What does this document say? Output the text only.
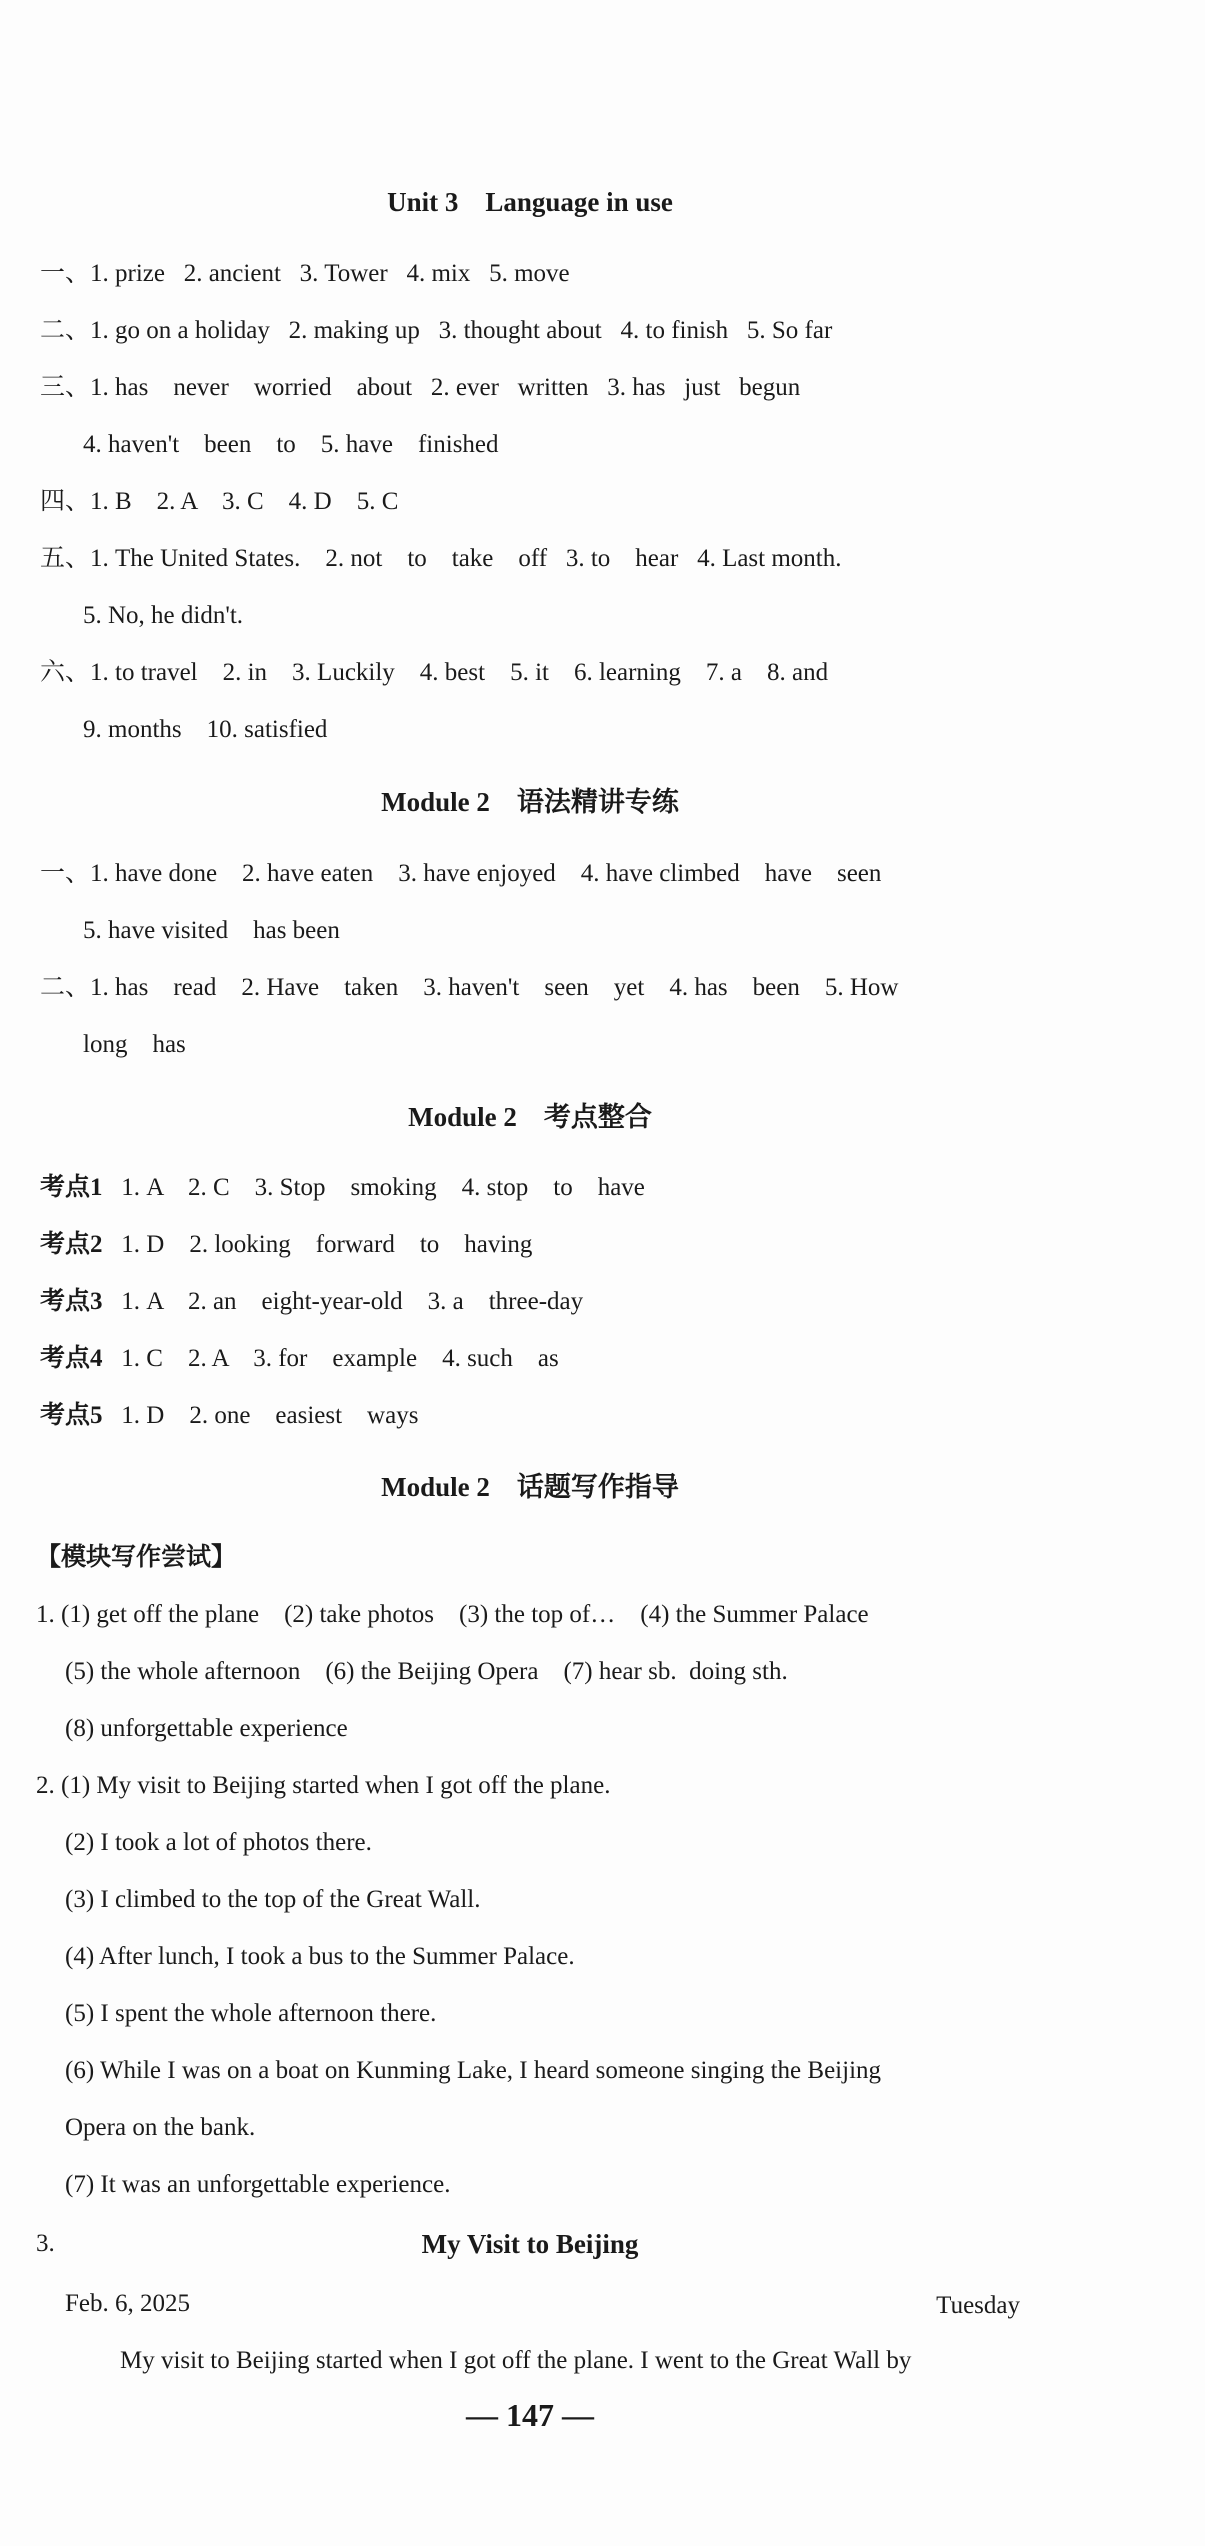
Unit 3    Language in use
一、1. prize   2. ancient   3. Tower   4. mix   5. move
二、1. go on a holiday   2. making up   3. thought about   4. to finish   5. So far
三、1. has    never    worried    about   2. ever   written   3. has   just   begun
4. haven't    been    to    5. have    finished
四、1. B    2. A    3. C    4. D    5. C
五、1. The United States.    2. not    to    take    off   3. to    hear   4. Last month.
5. No, he didn't.
六、1. to travel    2. in    3. Luckily    4. best    5. it    6. learning    7. a    8. and
9. months    10. satisfied
Module 2    语法精讲专练
一、1. have done    2. have eaten    3. have enjoyed    4. have climbed    have    seen
5. have visited    has been
二、1. has    read    2. Have    taken    3. haven't    seen    yet    4. has    been    5. How
long    has
Module 2    考点整合
考点1 1. A    2. C    3. Stop    smoking    4. stop    to    have
考点2 1. D    2. looking    forward    to    having
考点3 1. A    2. an    eight-year-old    3. a    three-day
考点4 1. C    2. A    3. for    example    4. such    as
考点5 1. D    2. one    easiest    ways
Module 2    话题写作指导
【模块写作尝试】
1. (1) get off the plane    (2) take photos    (3) the top of…    (4) the Summer Palace
(5) the whole afternoon    (6) the Beijing Opera    (7) hear sb.  doing sth.
(8) unforgettable experience
2. (1) My visit to Beijing started when I got off the plane.
(2) I took a lot of photos there.
(3) I climbed to the top of the Great Wall.
(4) After lunch, I took a bus to the Summer Palace.
(5) I spent the whole afternoon there.
(6) While I was on a boat on Kunming Lake, I heard someone singing the Beijing
Opera on the bank.
(7) It was an unforgettable experience.
3.	My Visit to Beijing
Feb. 6, 2025	Tuesday
My visit to Beijing started when I got off the plane. I went to the Great Wall by
— 147 —
